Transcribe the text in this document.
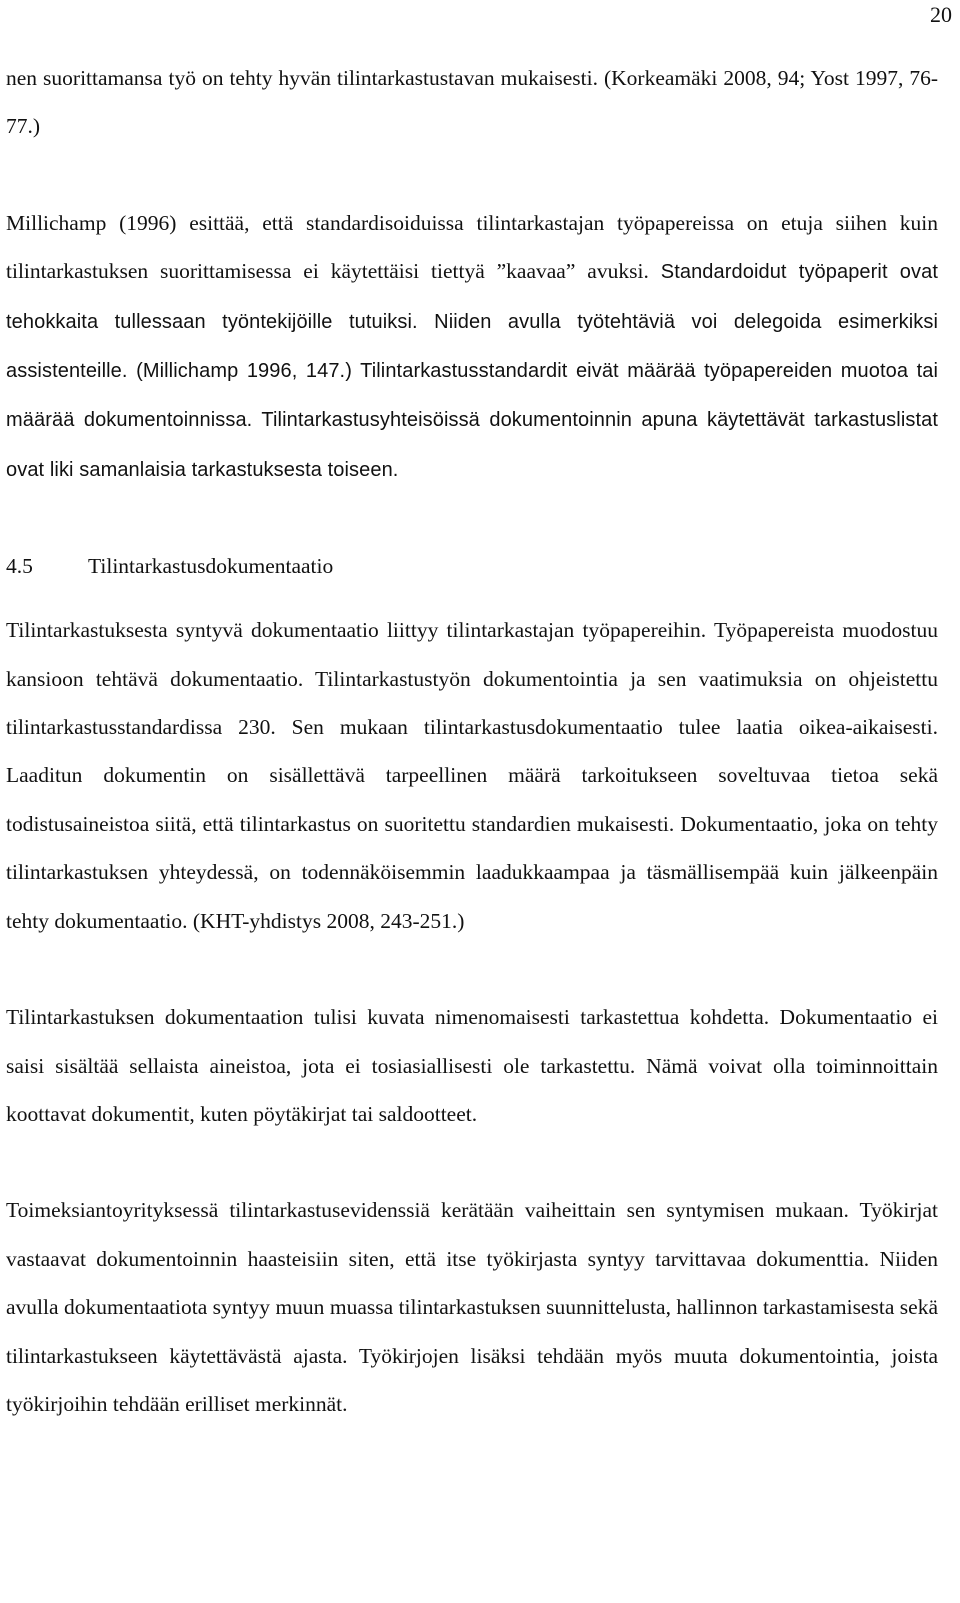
20

nen suorittamansa työ on tehty hyvän tilintarkastustavan mukaisesti. (Korkeamäki 2008, 94; Yost 1997, 76-77.)

Millichamp (1996) esittää, että standardisoiduissa tilintarkastajan työpapereissa on etuja siihen kuin tilintarkastuksen suorittamisessa ei käytettäisi tiettyä ”kaavaa” avuksi. Standardoidut työpaperit ovat tehokkaita tullessaan työntekijöille tutuiksi. Niiden avulla työtehtäviä voi delegoida esimerkiksi assistenteille. (Millichamp 1996, 147.) Tilintarkastusstandardit eivät määrää työpapereiden muotoa tai määrää dokumentoinnissa. Tilintarkastusyhteisöissä dokumentoinnin apuna käytettävät tarkastuslistat ovat liki samanlaisia tarkastuksesta toiseen.

4.5	Tilintarkastusdokumentaatio

Tilintarkastuksesta syntyvä dokumentaatio liittyy tilintarkastajan työpapereihin. Työpapereista muodostuu kansioon tehtävä dokumentaatio. Tilintarkastustyön dokumentointia ja sen vaatimuksia on ohjeistettu tilintarkastusstandardissa 230. Sen mukaan tilintarkastusdokumentaatio tulee laatia oikea-aikaisesti. Laaditun dokumentin on sisällettävä tarpeellinen määrä tarkoitukseen soveltuvaa tietoa sekä todistusaineistoa siitä, että tilintarkastus on suoritettu standardien mukaisesti. Dokumentaatio, joka on tehty tilintarkastuksen yhteydessä, on todennäköisemmin laadukkaampaa ja täsmällisempää kuin jälkeenpäin tehty dokumentaatio. (KHT-yhdistys 2008, 243-251.)

Tilintarkastuksen dokumentaation tulisi kuvata nimenomaisesti tarkastettua kohdetta. Dokumentaatio ei saisi sisältää sellaista aineistoa, jota ei tosiasiallisesti ole tarkastettu. Nämä voivat olla toiminnoittain koottavat dokumentit, kuten pöytäkirjat tai saldootteet.

Toimeksiantoyrityksessä tilintarkastusevidenssiä kerätään vaiheittain sen syntymisen mukaan. Työkirjat vastaavat dokumentoinnin haasteisiin siten, että itse työkirjasta syntyy tarvittavaa dokumenttia. Niiden avulla dokumentaatiota syntyy muun muassa tilintarkastuksen suunnittelusta, hallinnon tarkastamisesta sekä tilintarkastukseen käytettävästä ajasta. Työkirjojen lisäksi tehdään myös muuta dokumentointia, joista työkirjoihin tehdään erilliset merkinnät.
